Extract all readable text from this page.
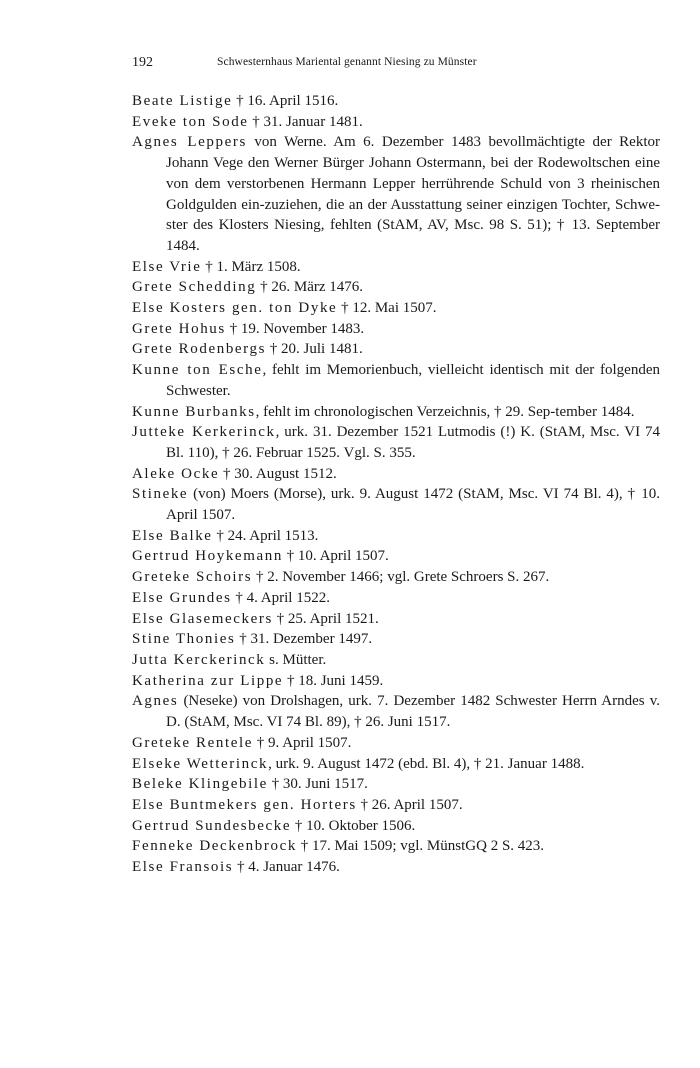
192	Schwesternhaus Mariental genannt Niesing zu Münster

Beate Listige † 16. April 1516.

Eveke ton Sode † 31. Januar 1481.

Agnes Leppers von Werne. Am 6. Dezember 1483 bevollmächtigte der Rektor Johann Vege den Werner Bürger Johann Ostermann, bei der Rodewoltschen eine von dem verstorbenen Hermann Lepper herrührende Schuld von 3 rheinischen Goldgulden ein-zuziehen, die an der Ausstattung seiner einzigen Tochter, Schwe-ster des Klosters Niesing, fehlten (StAM, AV, Msc. 98 S. 51); † 13. September 1484.

Else Vrie † 1. März 1508.

Grete Schedding † 26. März 1476.

Else Kosters gen. ton Dyke † 12. Mai 1507.

Grete Hohus † 19. November 1483.

Grete Rodenbergs † 20. Juli 1481.

Kunne ton Esche, fehlt im Memorienbuch, vielleicht identisch mit der folgenden Schwester.

Kunne Burbanks, fehlt im chronologischen Verzeichnis, † 29. Sep-tember 1484.

Jutteke Kerkerinck, urk. 31. Dezember 1521 Lutmodis (!) K. (StAM, Msc. VI 74 Bl. 110), † 26. Februar 1525. Vgl. S. 355.

Aleke Ocke † 30. August 1512.

Stineke (von) Moers (Morse), urk. 9. August 1472 (StAM, Msc. VI 74 Bl. 4), † 10. April 1507.

Else Balke † 24. April 1513.

Gertrud Hoykemann † 10. April 1507.

Greteke Schoirs † 2. November 1466; vgl. Grete Schroers S. 267.

Else Grundes † 4. April 1522.

Else Glasemeckers † 25. April 1521.

Stine Thonies † 31. Dezember 1497.

Jutta Kerckerinck s. Mütter.

Katherina zur Lippe † 18. Juni 1459.

Agnes (Neseke) von Drolshagen, urk. 7. Dezember 1482 Schwester Herrn Arndes v. D. (StAM, Msc. VI 74 Bl. 89), † 26. Juni 1517.

Greteke Rentele † 9. April 1507.

Elseke Wetterinck, urk. 9. August 1472 (ebd. Bl. 4), † 21. Januar 1488.

Beleke Klingebile † 30. Juni 1517.

Else Buntmekers gen. Horters † 26. April 1507.

Gertrud Sundesbecke † 10. Oktober 1506.

Fenneke Deckenbrock † 17. Mai 1509; vgl. MünstGQ 2 S. 423.

Else Fransois † 4. Januar 1476.
